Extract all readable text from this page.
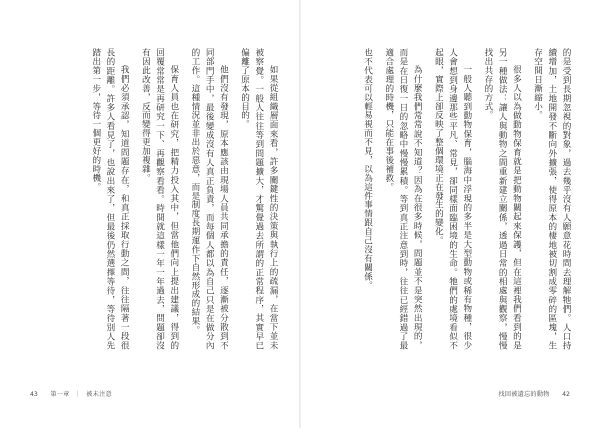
如果從組織層面來看，許多關鍵性的決策與執行上的疏漏，在當下並未被察覺。一般人往往等到問題擴大，才驚覺過去所謂的正常程序，其實早已偏離了原本的目的。

他們沒有發現，原本應該由現場人員共同承擔的責任，逐漸被分散到不同部門手中，最後變成沒有人真正負責，而每個人都以為自己只是在做分內的工作。這種情況並非出於惡意，而是制度長期運作下自然形成的結果。

保育人員也在研究，把精力投入其中，但當他們向上提出建議，得到的回覆常常是再研究一下、再觀察看看。時間就這樣一年一年過去，問題卻沒有因此改善，反而變得更加複雜。

我們必須承認，知道問題存在，和真正採取行動之間，往往隔著一段很長的距離。許多人看見了，也說出來了，但最後仍然選擇等待，等待別人先踏出第一步，等待一個更好的時機。

43 第一章 ｜ 被未注意

的是受到長期忽視的對象，過去幾乎沒有人願意花時間去理解牠們。人口持續增加，土地開發不斷向外擴張，使得原本的棲地被切割成零碎的區塊，生存空間日漸縮小。

很多人以為做動物保育就是把動物關起來保護，但在這裡我們看到的是另一種做法：讓人與動物之間重新建立關係，透過日常的相處與觀察，慢慢找出共存的方式。

一般人聽到動物保育，腦海中浮現的多半是大型動物或稀有物種，很少人會想到身邊那些平凡、常見，卻同樣面臨困境的生命。牠們的處境看似不起眼，實際上卻反映了整個環境正在發生的變化。

為什麼我們常常說不知道？因為在很多時候，問題並不是突然出現的，而是在日復一日的忽略中慢慢累積。等到真正注意到時，往往已經錯過了最適合處理的時機，只能在事後補救。

也不代表可以輕易視而不見，以為這件事情跟自己沒有關係。

找回被遺忘的動物 42
